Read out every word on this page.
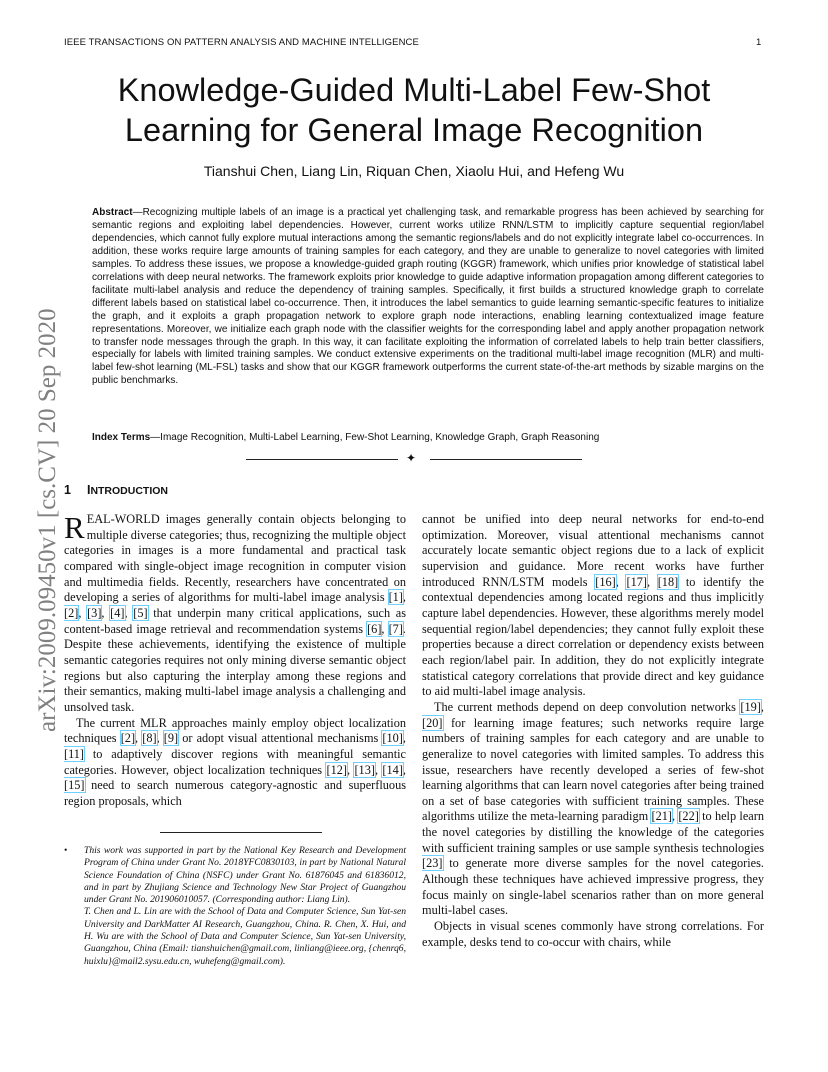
IEEE TRANSACTIONS ON PATTERN ANALYSIS AND MACHINE INTELLIGENCE	1
Knowledge-Guided Multi-Label Few-Shot
Learning for General Image Recognition
Tianshui Chen, Liang Lin, Riquan Chen, Xiaolu Hui, and Hefeng Wu
Abstract—Recognizing multiple labels of an image is a practical yet challenging task, and remarkable progress has been achieved by searching for semantic regions and exploiting label dependencies. However, current works utilize RNN/LSTM to implicitly capture sequential region/label dependencies, which cannot fully explore mutual interactions among the semantic regions/labels and do not explicitly integrate label co-occurrences. In addition, these works require large amounts of training samples for each category, and they are unable to generalize to novel categories with limited samples. To address these issues, we propose a knowledge-guided graph routing (KGGR) framework, which unifies prior knowledge of statistical label correlations with deep neural networks. The framework exploits prior knowledge to guide adaptive information propagation among different categories to facilitate multi-label analysis and reduce the dependency of training samples. Specifically, it first builds a structured knowledge graph to correlate different labels based on statistical label co-occurrence. Then, it introduces the label semantics to guide learning semantic-specific features to initialize the graph, and it exploits a graph propagation network to explore graph node interactions, enabling learning contextualized image feature representations. Moreover, we initialize each graph node with the classifier weights for the corresponding label and apply another propagation network to transfer node messages through the graph. In this way, it can facilitate exploiting the information of correlated labels to help train better classifiers, especially for labels with limited training samples. We conduct extensive experiments on the traditional multi-label image recognition (MLR) and multi-label few-shot learning (ML-FSL) tasks and show that our KGGR framework outperforms the current state-of-the-art methods by sizable margins on the public benchmarks.
Index Terms—Image Recognition, Multi-Label Learning, Few-Shot Learning, Knowledge Graph, Graph Reasoning
✦
arXiv:2009.09450v1 [cs.CV] 20 Sep 2020 1 INTRODUCTION

REAL-WORLD images generally contain objects belonging to multiple diverse categories; thus, recognizing the multiple object categories in images is a more fundamental and practical task compared with single-object image recognition in computer vision and multimedia fields. Recently, researchers have concentrated on developing a series of algorithms for multi-label image analysis [1], [2], [3], [4], [5] that underpin many critical applications, such as content-based image retrieval and recommendation systems [6], [7]. Despite these achievements, identifying the existence of multiple semantic categories requires not only mining diverse semantic object regions but also capturing the interplay among these regions and their semantics, making multi-label image analysis a challenging and unsolved task.

The current MLR approaches mainly employ object localization techniques [2], [8], [9] or adopt visual attentional mechanisms [10], [11] to adaptively discover regions with meaningful semantic categories. However, object localization techniques [12], [13], [14], [15] need to search numerous category-agnostic and superfluous region proposals, which

• This work was supported in part by the National Key Research and Development Program of China under Grant No. 2018YFC0830103, in part by National Natural Science Foundation of China (NSFC) under Grant No. 61876045 and 61836012, and in part by Zhujiang Science and Technology New Star Project of Guangzhou under Grant No. 201906010057. (Corresponding author: Liang Lin).

T. Chen and L. Lin are with the School of Data and Computer Science, Sun Yat-sen University and DarkMatter AI Research, Guangzhou, China. R. Chen, X. Hui, and H. Wu are with the School of Data and Computer Science, Sun Yat-sen University, Guangzhou, China (Email: tianshuichen@gmail.com, linliang@ieee.org, {chenrq6, huixlu}@mail2.sysu.edu.cn, wuhefeng@gmail.com).

cannot be unified into deep neural networks for end-to-end optimization. Moreover, visual attentional mechanisms cannot accurately locate semantic object regions due to a lack of explicit supervision and guidance. More recent works have further introduced RNN/LSTM models [16], [17], [18] to identify the contextual dependencies among located regions and thus implicitly capture label dependencies. However, these algorithms merely model sequential region/label dependencies; they cannot fully exploit these properties because a direct correlation or dependency exists between each region/label pair. In addition, they do not explicitly integrate statistical category correlations that provide direct and key guidance to aid multi-label image analysis.

The current methods depend on deep convolution networks [19], [20] for learning image features; such networks require large numbers of training samples for each category and are unable to generalize to novel categories with limited samples. To address this issue, researchers have recently developed a series of few-shot learning algorithms that can learn novel categories after being trained on a set of base categories with sufficient training samples. These algorithms utilize the meta-learning paradigm [21], [22] to help learn the novel categories by distilling the knowledge of the categories with sufficient training samples or use sample synthesis technologies [23] to generate more diverse samples for the novel categories. Although these techniques have achieved impressive progress, they focus mainly on single-label scenarios rather than on more general multi-label cases.

Objects in visual scenes commonly have strong correlations. For example, desks tend to co-occur with chairs, while
